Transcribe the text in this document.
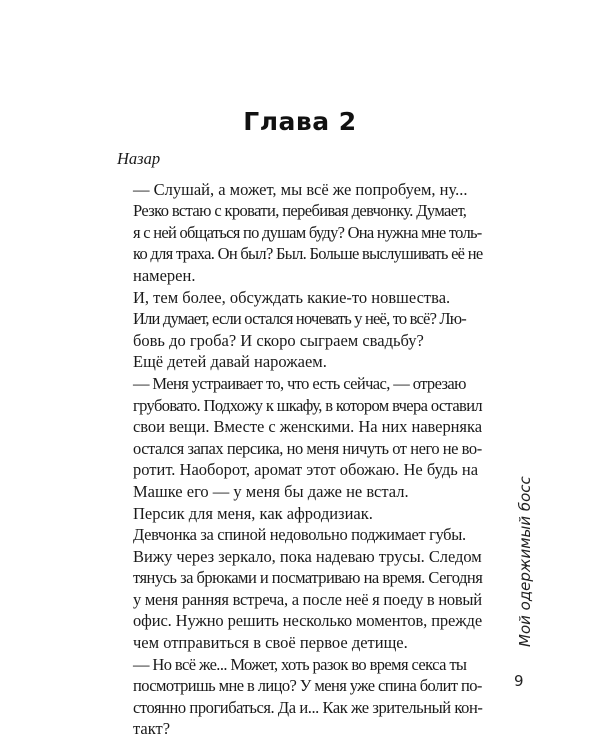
Глава 2

Назар

— Слушай, а может, мы всё же попробуем, ну...

Резко встаю с кровати, перебивая девчонку. Думает,
я с ней общаться по душам буду? Она нужна мне толь-
ко для траха. Он был? Был. Больше выслушивать её не
намерен.

И, тем более, обсуждать какие-то новшества.

Или думает, если остался ночевать у неё, то всё? Лю-
бовь до гроба? И скоро сыграем свадьбу?

Ещё детей давай нарожаем.

— Меня устраивает то, что есть сейчас, — отрезаю
грубовато. Подхожу к шкафу, в котором вчера оставил
свои вещи. Вместе с женскими. На них наверняка
остался запах персика, но меня ничуть от него не во-
ротит. Наоборот, аромат этот обожаю. Не будь на
Машке его — у меня бы даже не встал.

Персик для меня, как афродизиак.

Девчонка за спиной недовольно поджимает губы.
Вижу через зеркало, пока надеваю трусы. Следом
тянусь за брюками и посматриваю на время. Сегодня
у меня ранняя встреча, а после неё я поеду в новый
офис. Нужно решить несколько моментов, прежде
чем отправиться в своё первое детище.

— Но всё же... Может, хоть разок во время секса ты
посмотришь мне в лицо? У меня уже спина болит по-
стоянно прогибаться. Да и... Как же зрительный кон-
такт?

Мой одержимый босс
9
